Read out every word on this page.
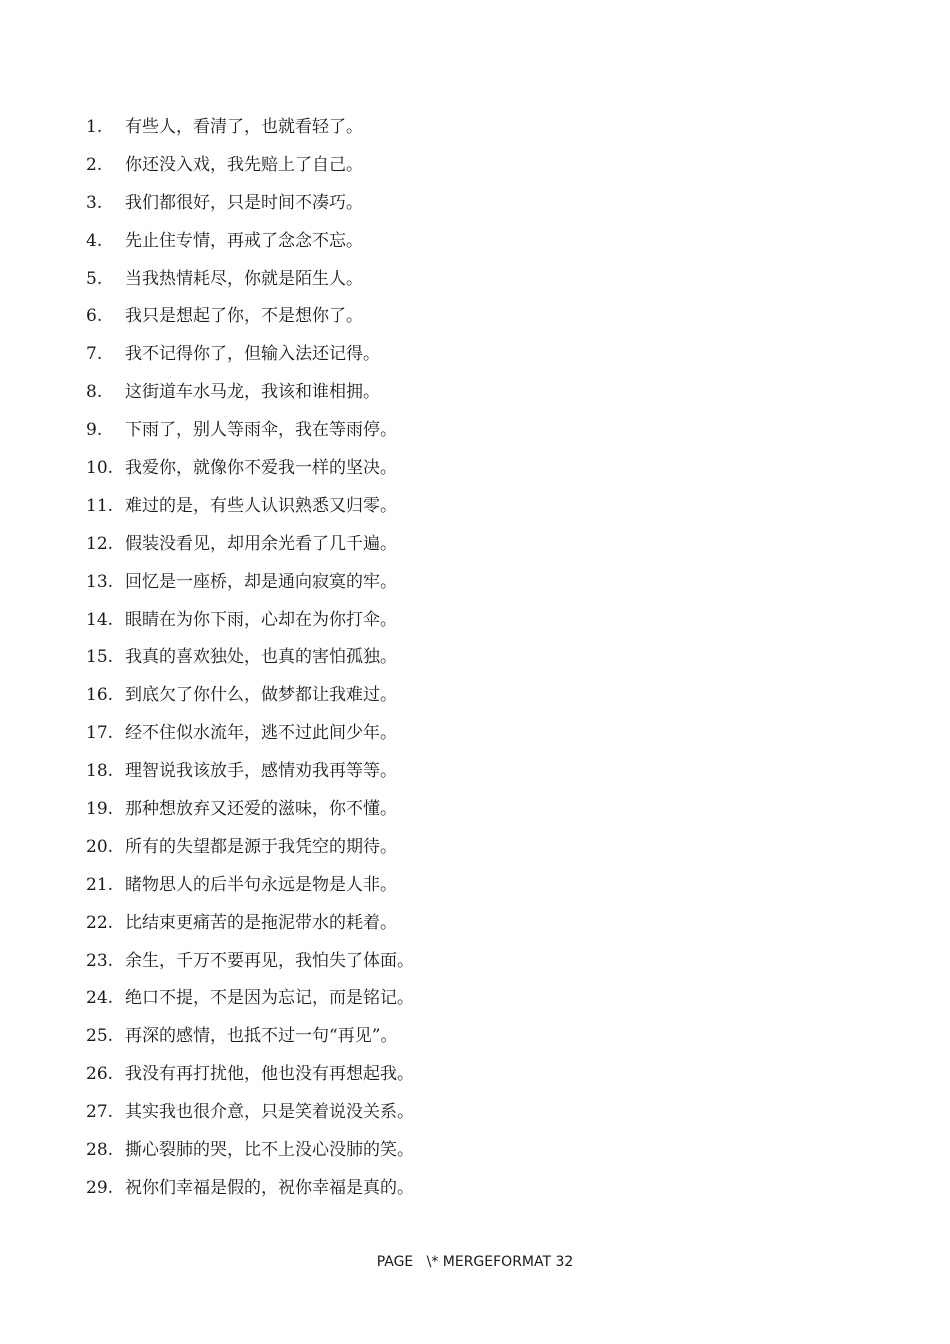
1.	有些人，看清了，也就看轻了。
2.	你还没入戏，我先赔上了自己。
3.	我们都很好，只是时间不凑巧。
4.	先止住专情，再戒了念念不忘。
5.	当我热情耗尽，你就是陌生人。
6.	我只是想起了你，不是想你了。
7.	我不记得你了，但输入法还记得。
8.	这街道车水马龙，我该和谁相拥。
9.	下雨了，别人等雨伞，我在等雨停。
10. 我爱你，就像你不爱我一样的坚决。
11. 难过的是，有些人认识熟悉又归零。
12. 假装没看见，却用余光看了几千遍。
13. 回忆是一座桥，却是通向寂寞的牢。
14. 眼睛在为你下雨，心却在为你打伞。
15. 我真的喜欢独处，也真的害怕孤独。
16. 到底欠了你什么，做梦都让我难过。
17. 经不住似水流年，逃不过此间少年。
18. 理智说我该放手，感情劝我再等等。
19. 那种想放弃又还爱的滋味，你不懂。
20. 所有的失望都是源于我凭空的期待。
21. 睹物思人的后半句永远是物是人非。
22. 比结束更痛苦的是拖泥带水的耗着。
23. 余生，千万不要再见，我怕失了体面。
24. 绝口不提，不是因为忘记，而是铭记。
25. 再深的感情，也抵不过一句“再见”。
26. 我没有再打扰他，他也没有再想起我。
27. 其实我也很介意，只是笑着说没关系。
28. 撕心裂肺的哭，比不上没心没肺的笑。
29. 祝你们幸福是假的，祝你幸福是真的。
PAGE   \* MERGEFORMAT 32
